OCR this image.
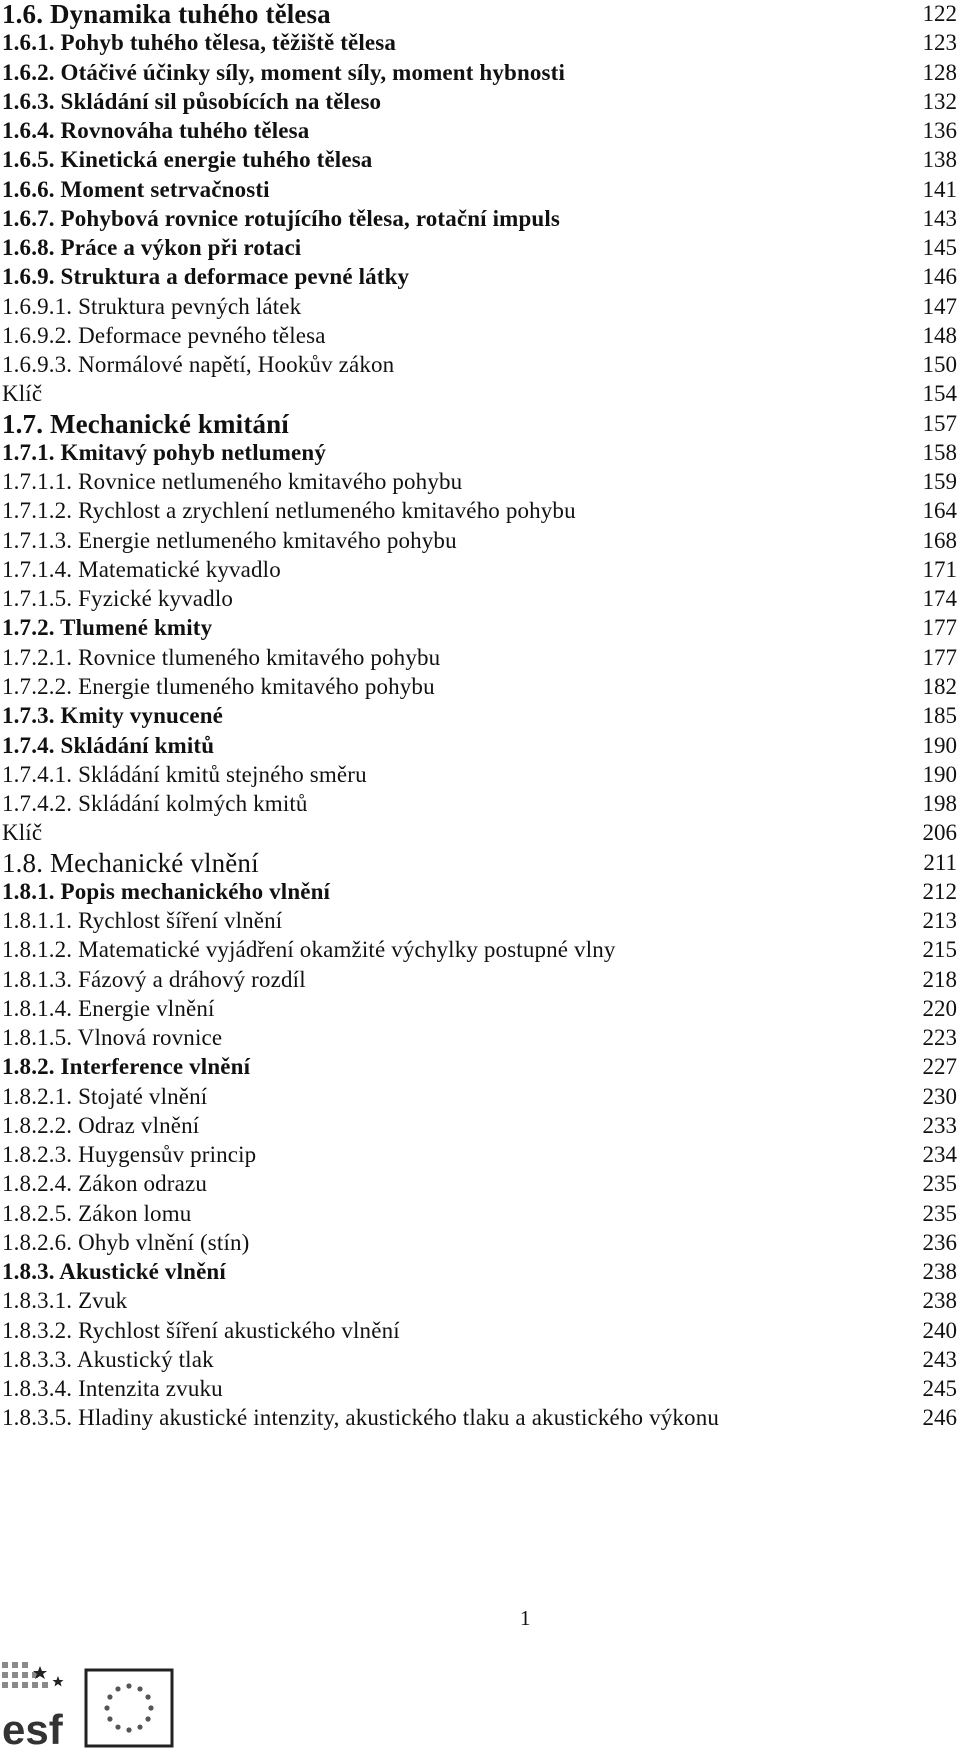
1.6. Dynamika tuhého tělesa	122
1.6.1. Pohyb tuhého tělesa, těžiště tělesa	123
1.6.2. Otáčivé účinky síly, moment síly, moment hybnosti	128
1.6.3. Skládání sil působících na těleso	132
1.6.4. Rovnováha tuhého tělesa	136
1.6.5. Kinetická energie tuhého tělesa	138
1.6.6. Moment setrvačnosti	141
1.6.7. Pohybová rovnice rotujícího tělesa, rotační impuls	143
1.6.8. Práce a výkon při rotaci	145
1.6.9. Struktura a deformace pevné látky	146
1.6.9.1. Struktura pevných látek	147
1.6.9.2. Deformace pevného tělesa	148
1.6.9.3. Normálové napětí, Hookův zákon	150
Klíč	154
1.7. Mechanické kmitání	157
1.7.1. Kmitavý pohyb netlumený	158
1.7.1.1. Rovnice netlumeného kmitavého pohybu	159
1.7.1.2. Rychlost a zrychlení netlumeného kmitavého pohybu	164
1.7.1.3. Energie netlumeného kmitavého pohybu	168
1.7.1.4. Matematické kyvadlo	171
1.7.1.5. Fyzické kyvadlo	174
1.7.2. Tlumené kmity	177
1.7.2.1. Rovnice tlumeného kmitavého pohybu	177
1.7.2.2. Energie tlumeného kmitavého pohybu	182
1.7.3. Kmity vynucené	185
1.7.4. Skládání kmitů	190
1.7.4.1. Skládání kmitů stejného směru	190
1.7.4.2. Skládání kolmých kmitů	198
Klíč	206
1.8. Mechanické vlnění	211
1.8.1. Popis mechanického vlnění	212
1.8.1.1. Rychlost šíření vlnění	213
1.8.1.2. Matematické vyjádření okamžité výchylky postupné vlny	215
1.8.1.3. Fázový a dráhový rozdíl	218
1.8.1.4. Energie vlnění	220
1.8.1.5. Vlnová rovnice	223
1.8.2. Interference vlnění	227
1.8.2.1. Stojaté vlnění	230
1.8.2.2. Odraz vlnění	233
1.8.2.3. Huygensův princip	234
1.8.2.4. Zákon odrazu	235
1.8.2.5. Zákon lomu	235
1.8.2.6. Ohyb vlnění (stín)	236
1.8.3. Akustické vlnění	238
1.8.3.1. Zvuk	238
1.8.3.2. Rychlost šíření akustického vlnění	240
1.8.3.3. Akustický tlak	243
1.8.3.4. Intenzita zvuku	245
1.8.3.5. Hladiny akustické intenzity, akustického tlaku a akustického výkonu	246
1
esf
